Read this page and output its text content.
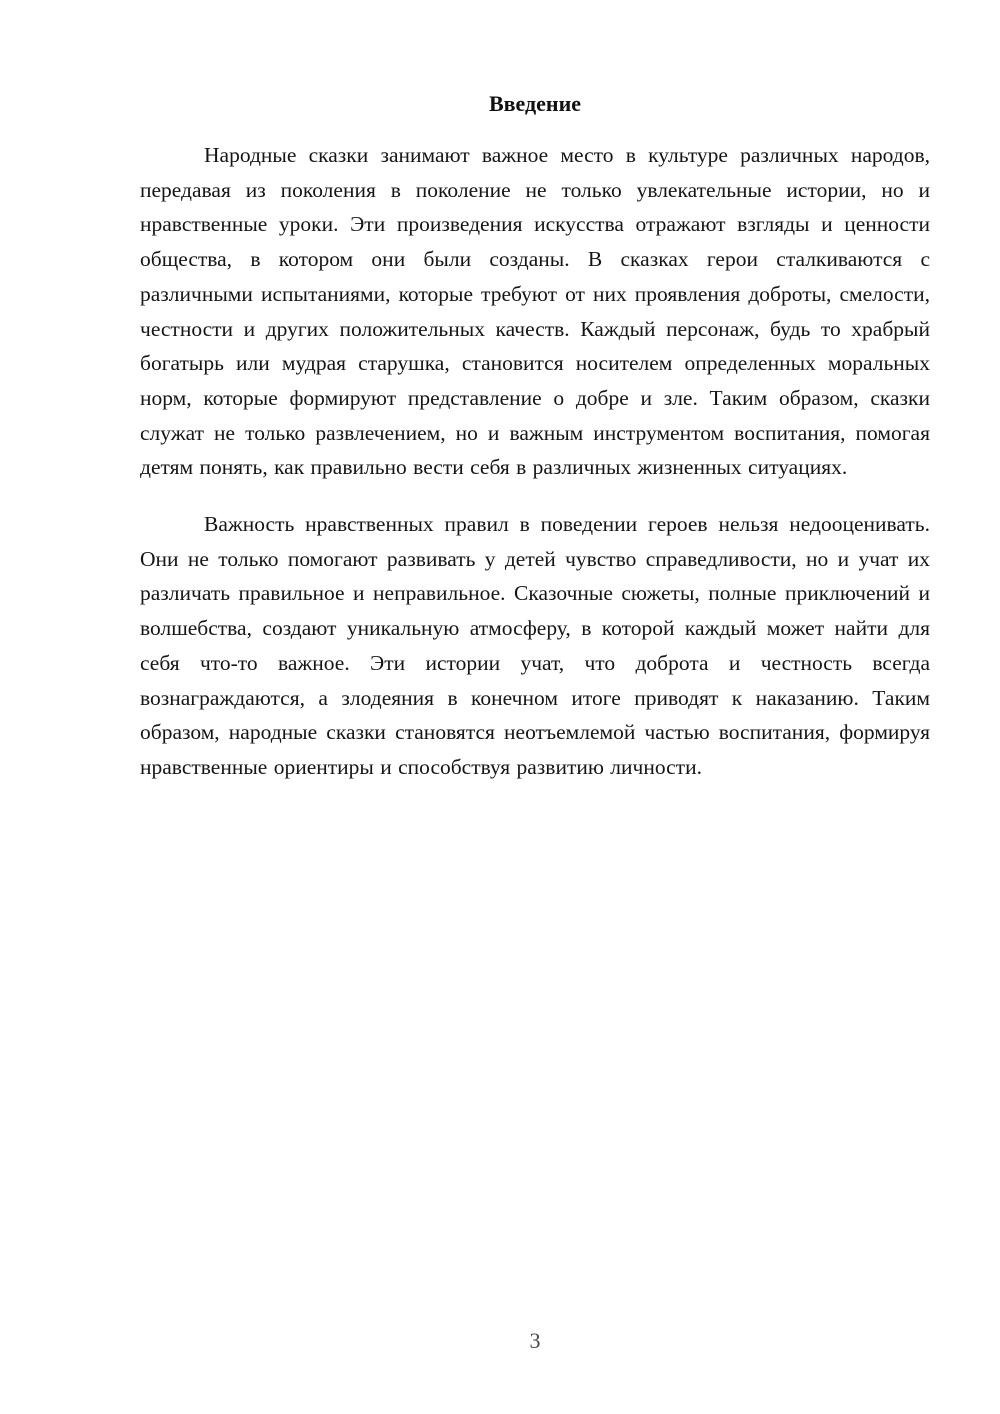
Введение

Народные сказки занимают важное место в культуре различных народов, передавая из поколения в поколение не только увлекательные истории, но и нравственные уроки. Эти произведения искусства отражают взгляды и ценности общества, в котором они были созданы. В сказках герои сталкиваются с различными испытаниями, которые требуют от них проявления доброты, смелости, честности и других положительных качеств. Каждый персонаж, будь то храбрый богатырь или мудрая старушка, становится носителем определенных моральных норм, которые формируют представление о добре и зле. Таким образом, сказки служат не только развлечением, но и важным инструментом воспитания, помогая детям понять, как правильно вести себя в различных жизненных ситуациях.

Важность нравственных правил в поведении героев нельзя недооценивать. Они не только помогают развивать у детей чувство справедливости, но и учат их различать правильное и неправильное. Сказочные сюжеты, полные приключений и волшебства, создают уникальную атмосферу, в которой каждый может найти для себя что-то важное. Эти истории учат, что доброта и честность всегда вознаграждаются, а злодеяния в конечном итоге приводят к наказанию. Таким образом, народные сказки становятся неотъемлемой частью воспитания, формируя нравственные ориентиры и способствуя развитию личности.

3
